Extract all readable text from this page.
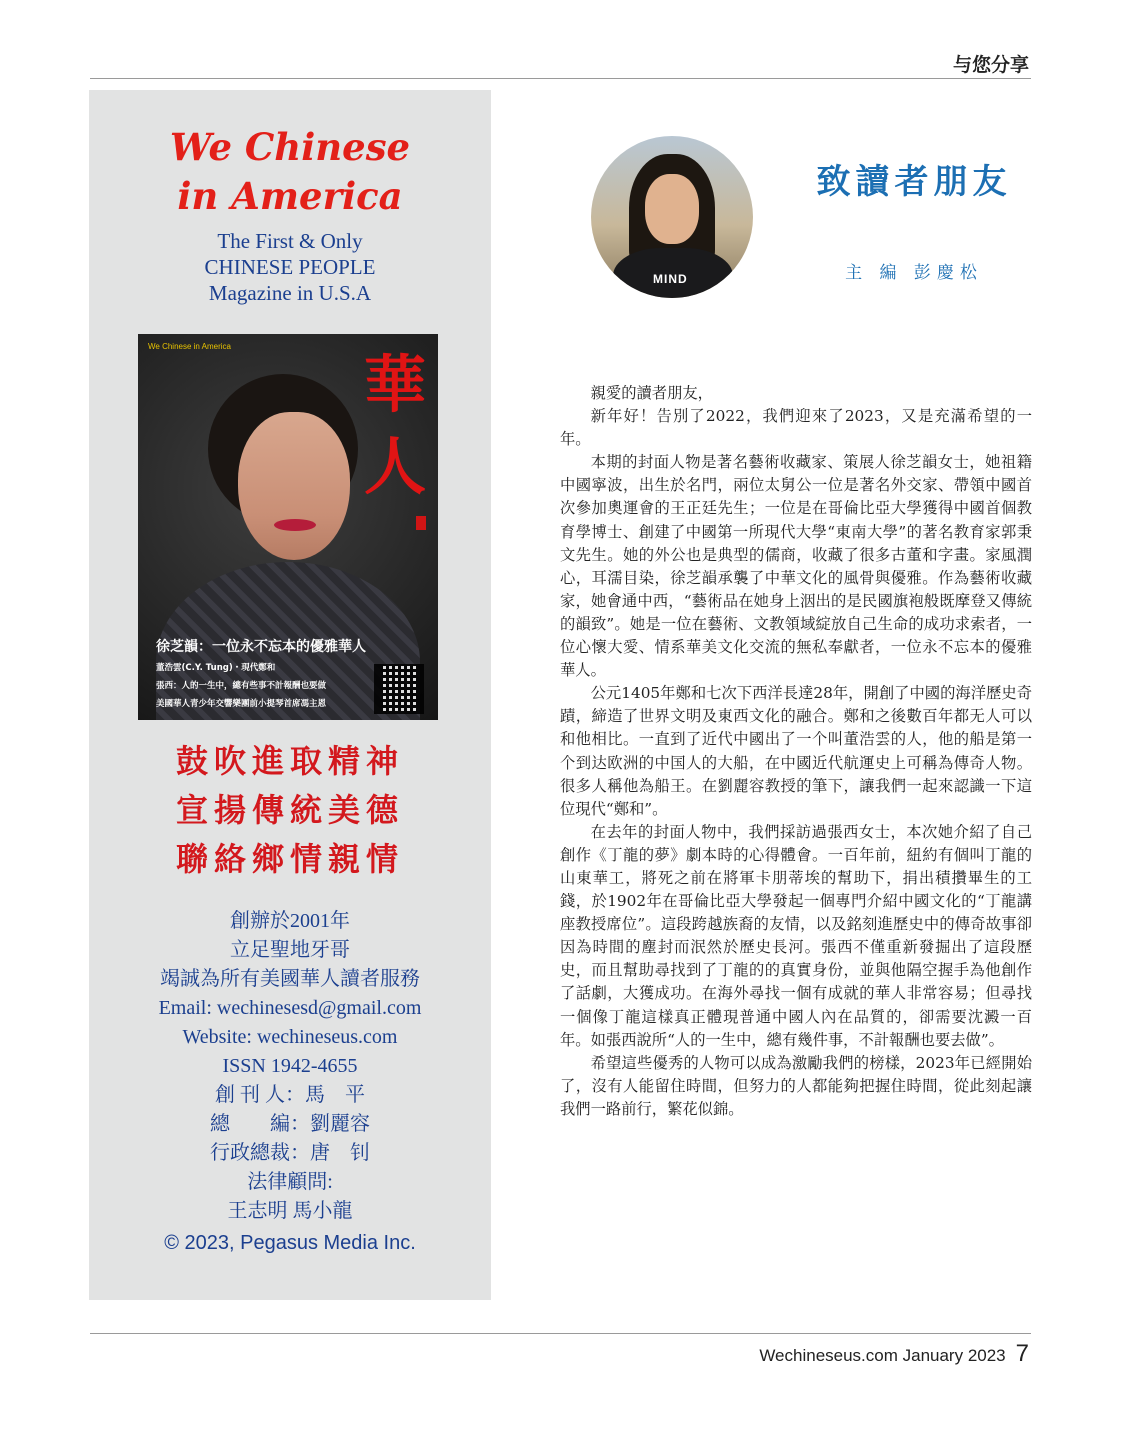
与您分享
We Chinese
in America
The First & Only
CHINESE PEOPLE
Magazine in U.S.A
We Chinese in America
華
人
徐芝韻：一位永不忘本的優雅華人
董浩雲(C.Y. Tung)・現代鄭和
張西：人的一生中，總有些事不計報酬也要做
美國華人青少年交響樂團前小提琴首席馮主恩
鼓吹進取精神
宣揚傳統美德
聯絡鄉情親情
創辦於2001年
立足聖地牙哥
竭誠為所有美國華人讀者服務
Email: wechinesesd@gmail.com
Website: wechineseus.com
ISSN 1942-4655
創 刊 人：馬　平
總　　編：劉麗容
行政總裁：唐　钊
法律顧問:
王志明 馬小龍
© 2023, Pegasus Media Inc.
MIND
致讀者朋友
主 編 彭慶松

親愛的讀者朋友，

新年好！告別了2022，我們迎來了2023，又是充滿希望的一年。

本期的封面人物是著名藝術收藏家、策展人徐芝韻女士，她祖籍中國寧波，出生於名門，兩位太舅公一位是著名外交家、帶領中國首次參加奧運會的王正廷先生；一位是在哥倫比亞大學獲得中國首個教育學博士、創建了中國第一所現代大學“東南大學”的著名教育家郭秉文先生。她的外公也是典型的儒商，收藏了很多古董和字畫。家風潤心，耳濡目染，徐芝韻承襲了中華文化的風骨與優雅。作為藝術收藏家，她會通中西，“藝術品在她身上洇出的是民國旗袍般既摩登又傳統的韻致”。她是一位在藝術、文教領域綻放自己生命的成功求索者，一位心懷大愛、情系華美文化交流的無私奉獻者，一位永不忘本的優雅華人。

公元1405年鄭和七次下西洋長達28年，開創了中國的海洋歷史奇蹟，締造了世界文明及東西文化的融合。鄭和之後數百年都无人可以和他相比。一直到了近代中國出了一个叫董浩雲的人，他的船是第一个到达欧洲的中国人的大船，在中國近代航運史上可稱為傳奇人物。很多人稱他為船王。在劉麗容教授的筆下，讓我們一起來認識一下這位現代“鄭和”。

在去年的封面人物中，我們採訪過張西女士，本次她介紹了自己創作《丁龍的夢》劇本時的心得體會。一百年前，紐約有個叫丁龍的山東華工，將死之前在將軍卡朋蒂埃的幫助下，捐出積攢畢生的工錢，於1902年在哥倫比亞大學發起一個專門介紹中國文化的“丁龍講座教授席位”。這段跨越族裔的友情，以及銘刻進歷史中的傳奇故事卻因為時間的塵封而泯然於歷史長河。張西不僅重新發掘出了這段歷史，而且幫助尋找到了丁龍的的真實身份，並與他隔空握手為他創作了話劇，大獲成功。在海外尋找一個有成就的華人非常容易；但尋找一個像丁龍這樣真正體現普通中國人內在品質的，卻需要沈澱一百年。如張西說所“人的一生中，總有幾件事，不計報酬也要去做”。

希望這些優秀的人物可以成為激勵我們的榜樣，2023年已經開始了，沒有人能留住時間，但努力的人都能夠把握住時間，從此刻起讓我們一路前行，繁花似錦。

Wechineseus.com January 2023 7
